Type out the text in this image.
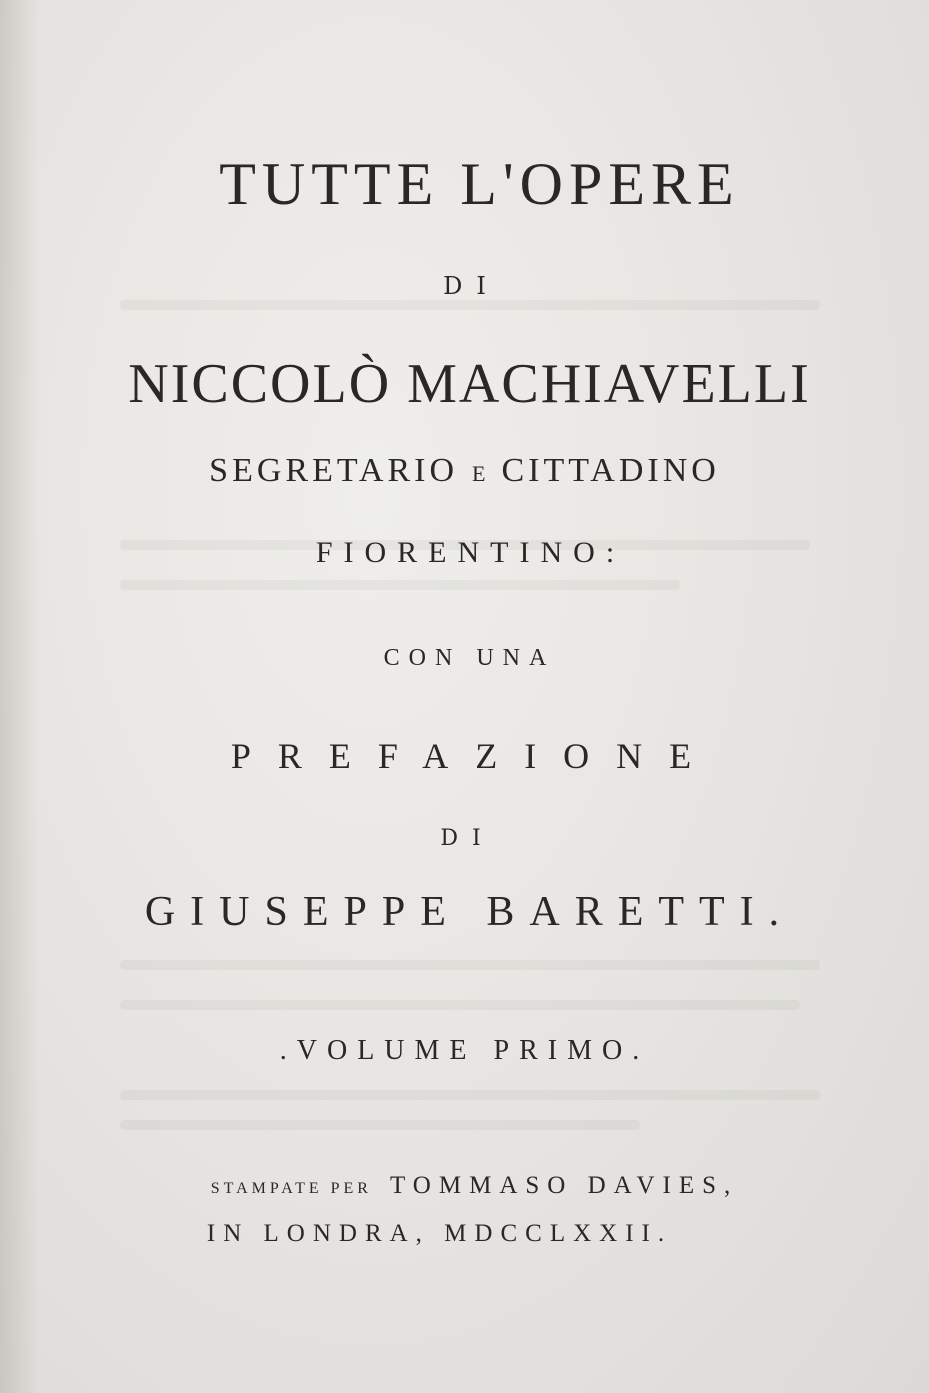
TUTTE L'OPERE
DI
NICCOLÒ MACHIAVELLI
SEGRETARIO E CITTADINO
FIORENTINO:
CON UNA
PREFAZIONE
DI
GIUSEPPE BARETTI.
.VOLUME PRIMO.
STAMPATE PER TOMMASO DAVIES,
IN LONDRA, MDCCLXXII.
